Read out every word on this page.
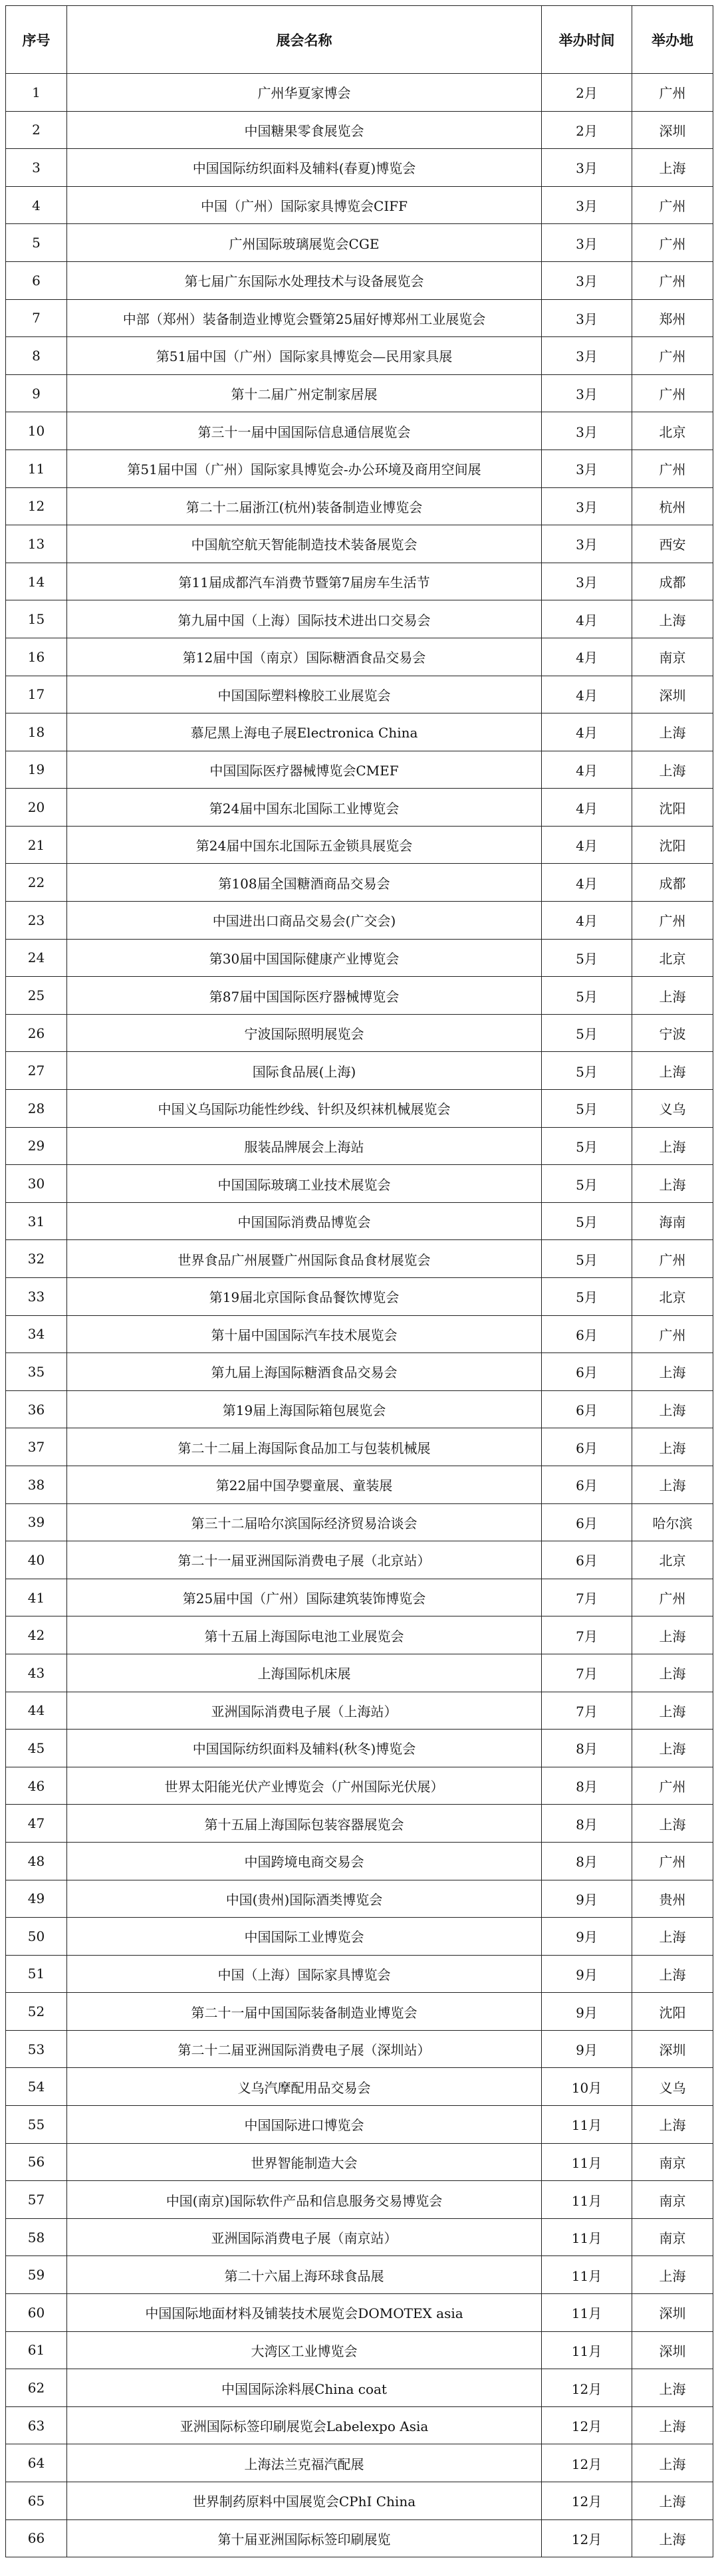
序号	展会名称	举办时间	举办地
1	广州华夏家博会	2月	广州
2	中国糖果零食展览会	2月	深圳
3	中国国际纺织面料及辅料(春夏)博览会	3月	上海
4	中国（广州）国际家具博览会CIFF	3月	广州
5	广州国际玻璃展览会CGE	3月	广州
6	第七届广东国际水处理技术与设备展览会	3月	广州
7	中部（郑州）装备制造业博览会暨第25届好博郑州工业展览会	3月	郑州
8	第51届中国（广州）国际家具博览会—民用家具展	3月	广州
9	第十二届广州定制家居展	3月	广州
10	第三十一届中国国际信息通信展览会	3月	北京
11	第51届中国（广州）国际家具博览会-办公环境及商用空间展	3月	广州
12	第二十二届浙江(杭州)装备制造业博览会	3月	杭州
13	中国航空航天智能制造技术装备展览会	3月	西安
14	第11届成都汽车消费节暨第7届房车生活节	3月	成都
15	第九届中国（上海）国际技术进出口交易会	4月	上海
16	第12届中国（南京）国际糖酒食品交易会	4月	南京
17	中国国际塑料橡胶工业展览会	4月	深圳
18	慕尼黑上海电子展Electronica China	4月	上海
19	中国国际医疗器械博览会CMEF	4月	上海
20	第24届中国东北国际工业博览会	4月	沈阳
21	第24届中国东北国际五金锁具展览会	4月	沈阳
22	第108届全国糖酒商品交易会	4月	成都
23	中国进出口商品交易会(广交会)	4月	广州
24	第30届中国国际健康产业博览会	5月	北京
25	第87届中国国际医疗器械博览会	5月	上海
26	宁波国际照明展览会	5月	宁波
27	国际食品展(上海)	5月	上海
28	中国义乌国际功能性纱线、针织及织袜机械展览会	5月	义乌
29	服装品牌展会上海站	5月	上海
30	中国国际玻璃工业技术展览会	5月	上海
31	中国国际消费品博览会	5月	海南
32	世界食品广州展暨广州国际食品食材展览会	5月	广州
33	第19届北京国际食品餐饮博览会	5月	北京
34	第十届中国国际汽车技术展览会	6月	广州
35	第九届上海国际糖酒食品交易会	6月	上海
36	第19届上海国际箱包展览会	6月	上海
37	第二十二届上海国际食品加工与包装机械展	6月	上海
38	第22届中国孕婴童展、童装展	6月	上海
39	第三十二届哈尔滨国际经济贸易洽谈会	6月	哈尔滨
40	第二十一届亚洲国际消费电子展（北京站）	6月	北京
41	第25届中国（广州）国际建筑装饰博览会	7月	广州
42	第十五届上海国际电池工业展览会	7月	上海
43	上海国际机床展	7月	上海
44	亚洲国际消费电子展（上海站）	7月	上海
45	中国国际纺织面料及辅料(秋冬)博览会	8月	上海
46	世界太阳能光伏产业博览会（广州国际光伏展）	8月	广州
47	第十五届上海国际包装容器展览会	8月	上海
48	中国跨境电商交易会	8月	广州
49	中国(贵州)国际酒类博览会	9月	贵州
50	中国国际工业博览会	9月	上海
51	中国（上海）国际家具博览会	9月	上海
52	第二十一届中国国际装备制造业博览会	9月	沈阳
53	第二十二届亚洲国际消费电子展（深圳站）	9月	深圳
54	义乌汽摩配用品交易会	10月	义乌
55	中国国际进口博览会	11月	上海
56	世界智能制造大会	11月	南京
57	中国(南京)国际软件产品和信息服务交易博览会	11月	南京
58	亚洲国际消费电子展（南京站）	11月	南京
59	第二十六届上海环球食品展	11月	上海
60	中国国际地面材料及铺装技术展览会DOMOTEX asia	11月	深圳
61	大湾区工业博览会	11月	深圳
62	中国国际涂料展China coat	12月	上海
63	亚洲国际标签印刷展览会Labelexpo Asia	12月	上海
64	上海法兰克福汽配展	12月	上海
65	世界制药原料中国展览会CPhI China	12月	上海
66	第十届亚洲国际标签印刷展览	12月	上海
